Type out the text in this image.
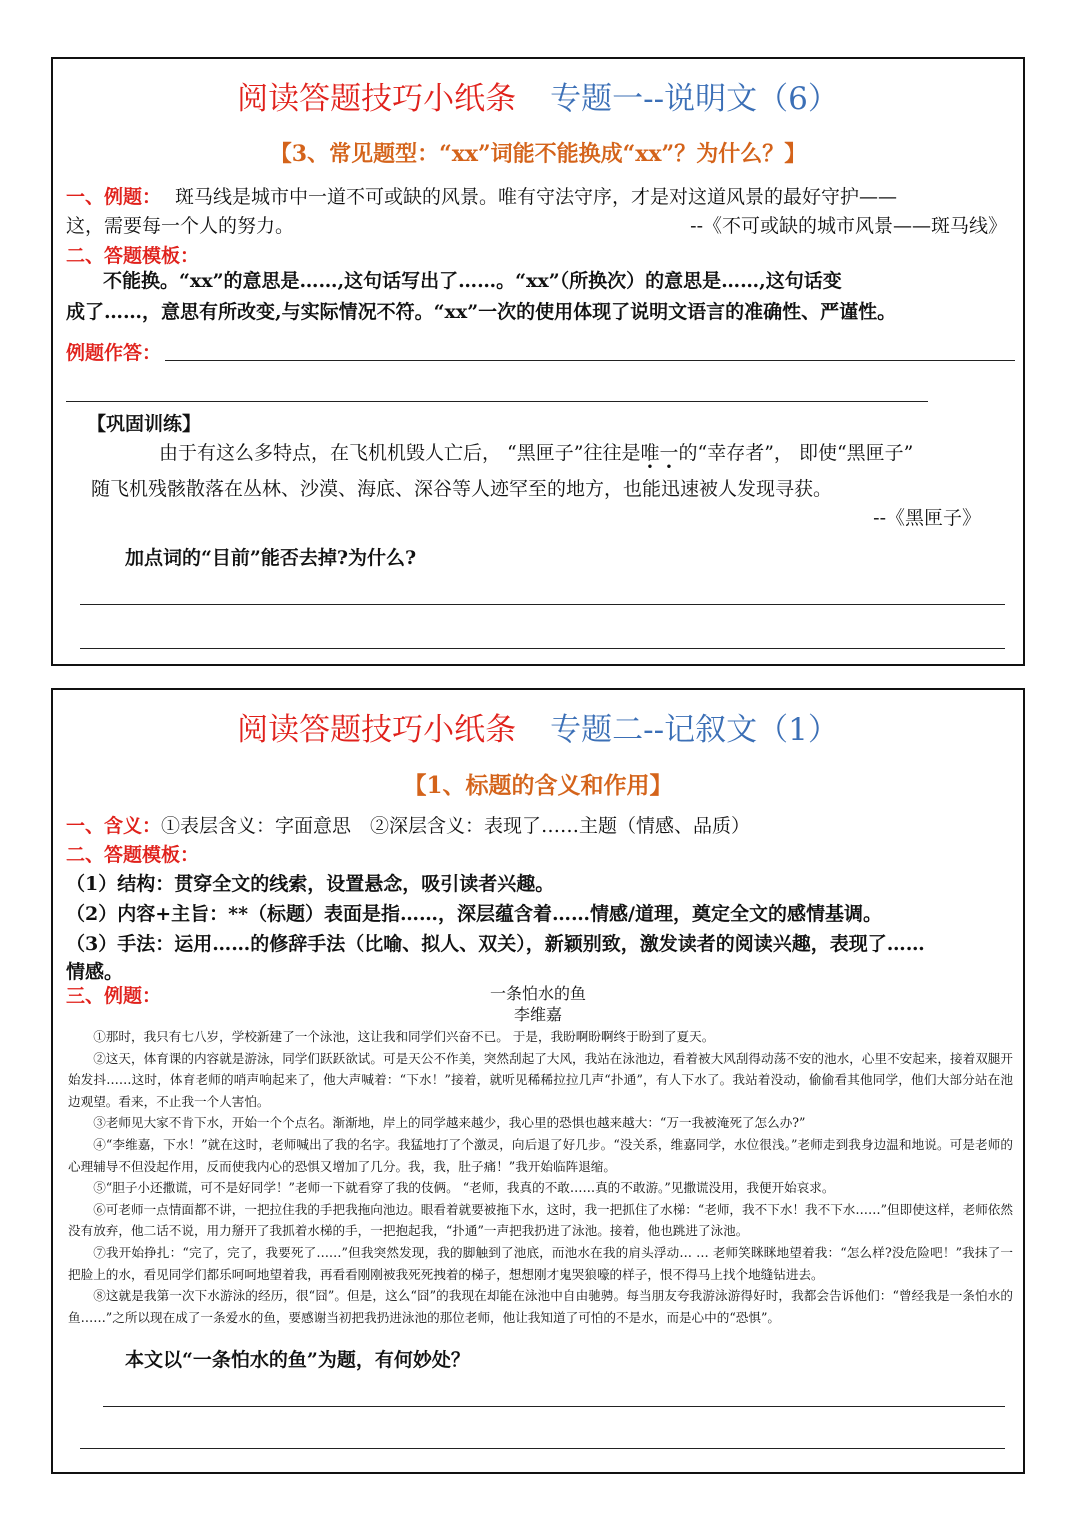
阅读答题技巧小纸条 专题一--说明文（6）
【3、常见题型：“xx”词能不能换成“xx”？为什么？】
一、例题： 斑马线是城市中一道不可或缺的风景。唯有守法守序，才是对这道风景的最好守护——
这，需要每一个人的努力。	--《不可或缺的城市风景——斑马线》
二、答题模板：
不能换。“xx”的意思是……,这句话写出了……。“xx”（所换次）的意思是……,这句话变
成了……，意思有所改变,与实际情况不符。“xx”一次的使用体现了说明文语言的准确性、严谨性。
例题作答：
【巩固训练】
由于有这么多特点，在飞机机毁人亡后， “黑匣子”往往是唯一的“幸存者”， 即使“黑匣子”
随飞机残骸散落在丛林、沙漠、海底、深谷等人迹罕至的地方，也能迅速被人发现寻获。
--《黑匣子》
加点词的“目前”能否去掉?为什么?
阅读答题技巧小纸条 专题二--记叙文（1）
【1、标题的含义和作用】
一、含义：①表层含义：字面意思　②深层含义：表现了……主题（情感、品质）
二、答题模板：
（1）结构：贯穿全文的线索，设置悬念，吸引读者兴趣。
（2）内容+主旨：**（标题）表面是指……，深层蕴含着……情感/道理，奠定全文的感情基调。
（3）手法：运用……的修辞手法（比喻、拟人、双关），新颖别致，激发读者的阅读兴趣，表现了……
情感。
三、例题：	一条怕水的鱼
李维嘉

①那时，我只有七八岁，学校新建了一个泳池，这让我和同学们兴奋不已。 于是，我盼啊盼啊终于盼到了夏天。

②这天，体育课的内容就是游泳，同学们跃跃欲试。可是天公不作美，突然刮起了大风，我站在泳池边，看着被大风刮得动荡不安的池水，心里不安起来，接着双腿开始发抖……这时，体育老师的哨声响起来了，他大声喊着：“下水！”接着，就听见稀稀拉拉几声“扑通”，有人下水了。我站着没动，偷偷看其他同学，他们大部分站在池边观望。看来，不止我一个人害怕。

③老师见大家不肯下水，开始一个个点名。渐渐地，岸上的同学越来越少，我心里的恐惧也越来越大：“万一我被淹死了怎么办?”

④“李维嘉，下水！”就在这时，老师喊出了我的名字。我猛地打了个激灵，向后退了好几步。“没关系，维嘉同学，水位很浅。”老师走到我身边温和地说。可是老师的心理辅导不但没起作用，反而使我内心的恐惧又增加了几分。我，我，肚子痛！”我开始临阵退缩。

⑤“胆子小还撒谎，可不是好同学！”老师一下就看穿了我的伎俩。 “老师，我真的不敢……真的不敢游。”见撒谎没用，我便开始哀求。

⑥可老师一点情面都不讲，一把拉住我的手把我拖向池边。眼看着就要被拖下水，这时，我一把抓住了水梯：“老师，我不下水！我不下水……”但即使这样，老师依然没有放弃，他二话不说，用力掰开了我抓着水梯的手，一把抱起我，“扑通”一声把我扔进了泳池。接着，他也跳进了泳池。

⑦我开始挣扎：“完了，完了，我要死了……”但我突然发现，我的脚触到了池底，而池水在我的肩头浮动… … 老师笑眯眯地望着我：“怎么样?没危险吧！”我抹了一把脸上的水，看见同学们都乐呵呵地望着我，再看看刚刚被我死死拽着的梯子，想想刚才鬼哭狼嚎的样子，恨不得马上找个地缝钻进去。

⑧这就是我第一次下水游泳的经历，很“囧”。但是，这么“囧”的我现在却能在泳池中自由驰骋。每当朋友夸我游泳游得好时，我都会告诉他们：“曾经我是一条怕水的鱼……”之所以现在成了一条爱水的鱼，要感谢当初把我扔进泳池的那位老师，他让我知道了可怕的不是水，而是心中的“恐惧”。

本文以“一条怕水的鱼”为题，有何妙处？
